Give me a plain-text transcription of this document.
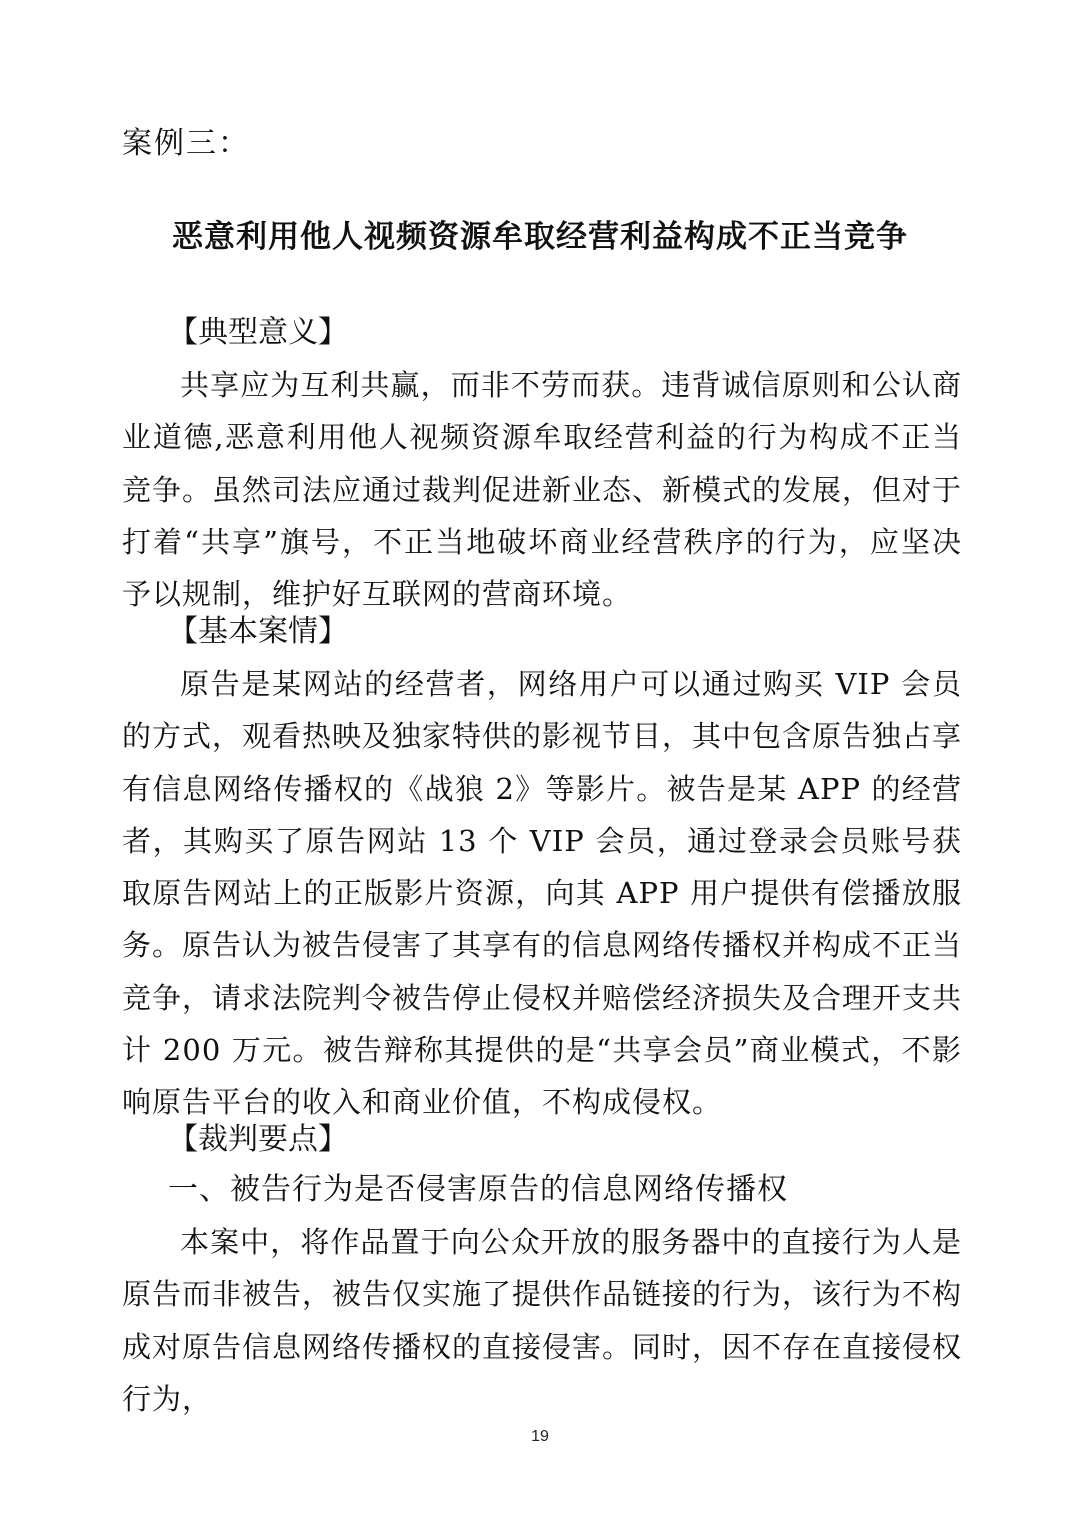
案例三：
恶意利用他人视频资源牟取经营利益构成不正当竞争
【典型意义】
共享应为互利共赢，而非不劳而获。违背诚信原则和公认商业道德,恶意利用他人视频资源牟取经营利益的行为构成不正当竞争。虽然司法应通过裁判促进新业态、新模式的发展，但对于打着“共享”旗号，不正当地破坏商业经营秩序的行为，应坚决予以规制，维护好互联网的营商环境。
【基本案情】
原告是某网站的经营者，网络用户可以通过购买 VIP 会员的方式，观看热映及独家特供的影视节目，其中包含原告独占享有信息网络传播权的《战狼 2》等影片。被告是某 APP 的经营者，其购买了原告网站 13 个 VIP 会员，通过登录会员账号获取原告网站上的正版影片资源，向其 APP 用户提供有偿播放服务。原告认为被告侵害了其享有的信息网络传播权并构成不正当竞争，请求法院判令被告停止侵权并赔偿经济损失及合理开支共计 200 万元。被告辩称其提供的是“共享会员”商业模式，不影响原告平台的收入和商业价值，不构成侵权。
【裁判要点】
一、被告行为是否侵害原告的信息网络传播权
本案中，将作品置于向公众开放的服务器中的直接行为人是原告而非被告，被告仅实施了提供作品链接的行为，该行为不构成对原告信息网络传播权的直接侵害。同时，因不存在直接侵权行为，
19
